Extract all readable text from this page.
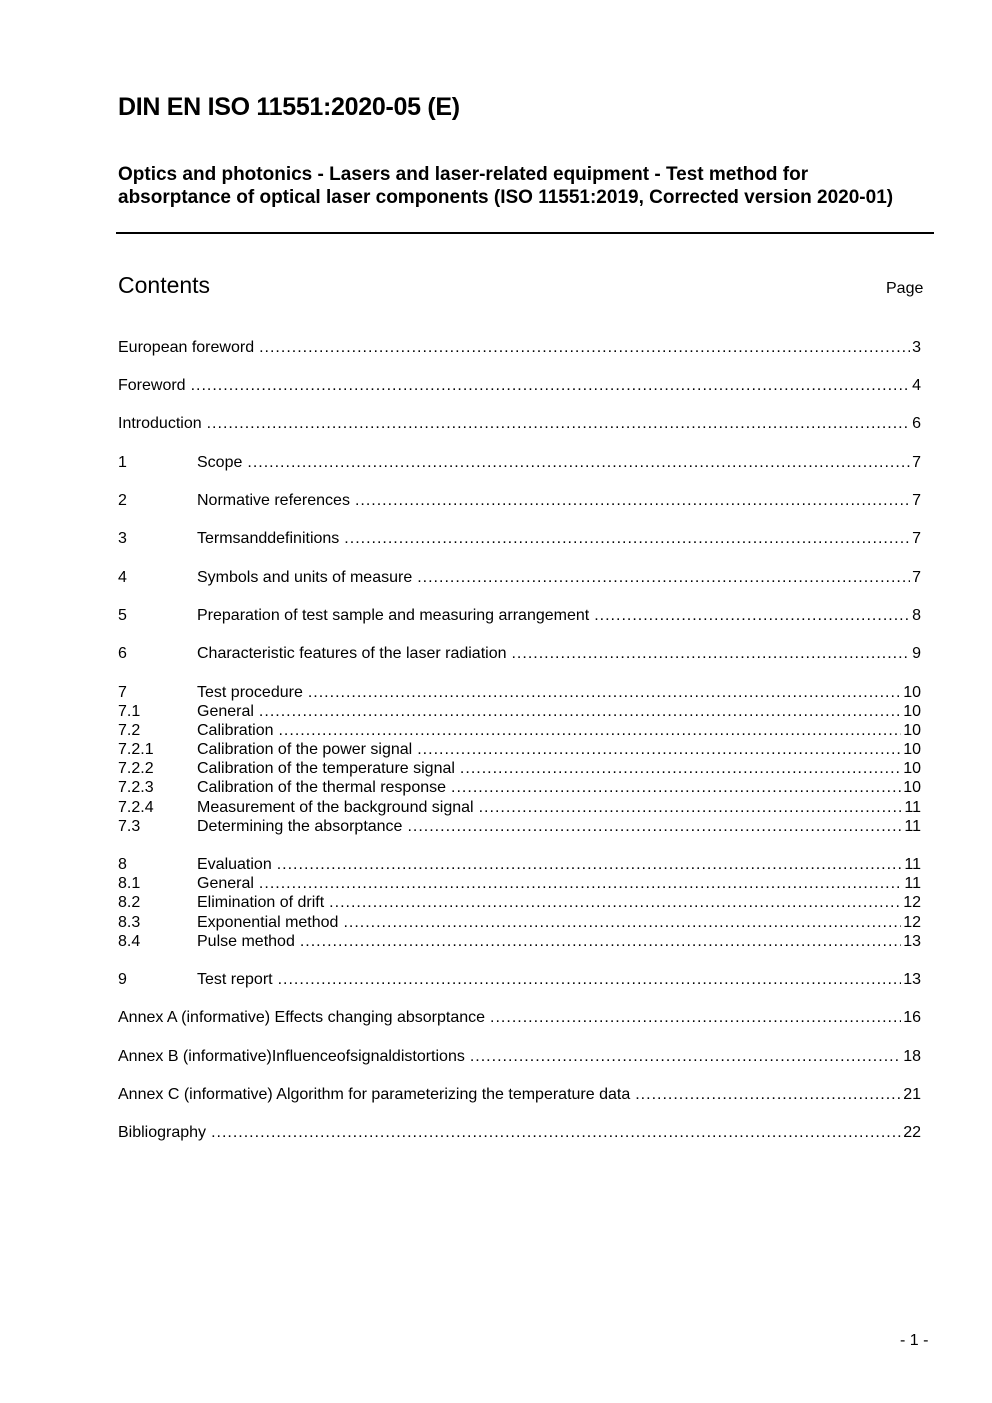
DIN EN ISO 11551:2020-05 (E)

Optics and photonics - Lasers and laser-related equipment - Test method for absorptance of optical laser components (ISO 11551:2019, Corrected version 2020-01)

Contents	Page
European foreword .....	3
Foreword .....	4
Introduction .....	6
1	Scope .....	7
2	Normative references .....	7
3	Termsanddefinitions .....	7
4	Symbols and units of measure .....	7
5	Preparation of test sample and measuring arrangement .....	8
6	Characteristic features of the laser radiation .....	9
7	Test procedure .....	10
7.1	General .....	10
7.2	Calibration .....	10
7.2.1	Calibration of the power signal .....	10
7.2.2	Calibration of the temperature signal .....	10
7.2.3	Calibration of the thermal response .....	10
7.2.4	Measurement of the background signal .....	11
7.3	Determining the absorptance .....	11
8	Evaluation .....	11
8.1	General .....	11
8.2	Elimination of drift .....	12
8.3	Exponential method .....	12
8.4	Pulse method .....	13
9	Test report .....	13
Annex A (informative) Effects changing absorptance .....	16
Annex B (informative)Influenceofsignaldistortions .....	18
Annex C (informative) Algorithm for parameterizing the temperature data .....	21
Bibliography .....	22
- 1 -
